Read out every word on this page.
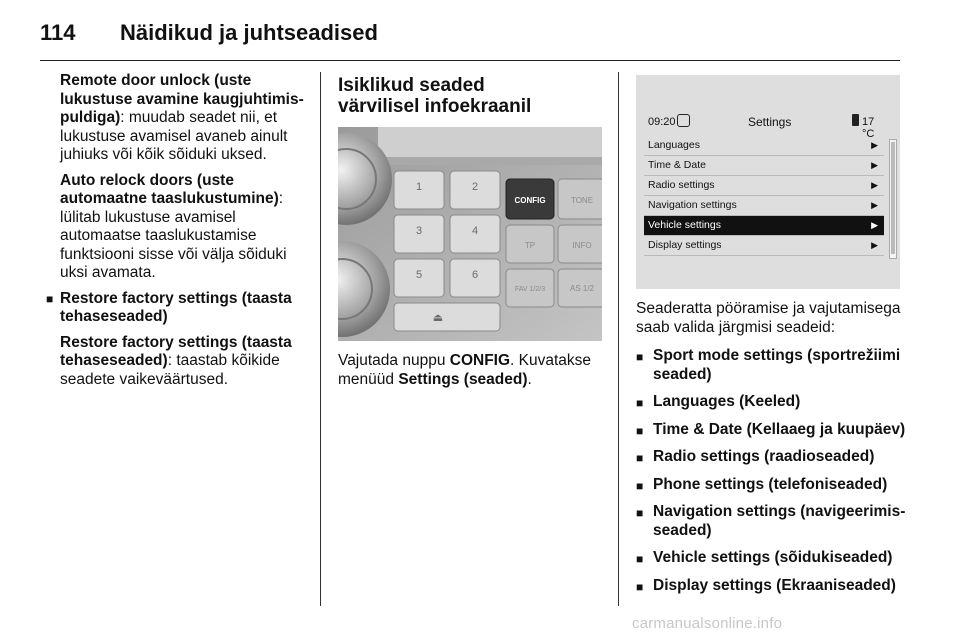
114 Näidikud ja juhtseadised

Remote door unlock (uste lukustuse avamine kaugjuhtimispuldiga): muudab seadet nii, et lukustuse avamisel avaneb ainult juhiuks või kõik sõiduki uksed.

Auto relock doors (uste automaatne taaslukustumine): lülitab lukustuse avamisel automaatse taaslukustamise funktsiooni sisse või välja sõiduki uksi avamata.

■ Restore factory settings (taasta tehaseseaded)

Restore factory settings (taasta tehaseseaded): taastab kõikide seadete vaikeväärtused.

Isiklikud seaded
värvilisel infoekraanil
1	2
3	4
5	6
⏏
CONFIG	TONE
TP	INFO
FAV 1/2/3	AS 1/2

Vajutada nuppu CONFIG. Kuvatakse menüüd Settings (seaded).

09:20	Settings	17 °C
Languages	▶
Time & Date	▶
Radio settings	▶
Navigation settings	▶
Vehicle settings	▶
Display settings	▶

Seaderatta pööramise ja vajutamisega saab valida järgmisi seadeid:

■ Sport mode settings (sportrežiimi seaded)
■ Languages (Keeled)
■ Time & Date (Kellaaeg ja kuupäev)
■ Radio settings (raadioseaded)
■ Phone settings (telefoniseaded)
■ Navigation settings (navigeerimisseaded)
■ Vehicle settings (sõidukiseaded)
■ Display settings (Ekraaniseaded)
carmanualsonline.info
